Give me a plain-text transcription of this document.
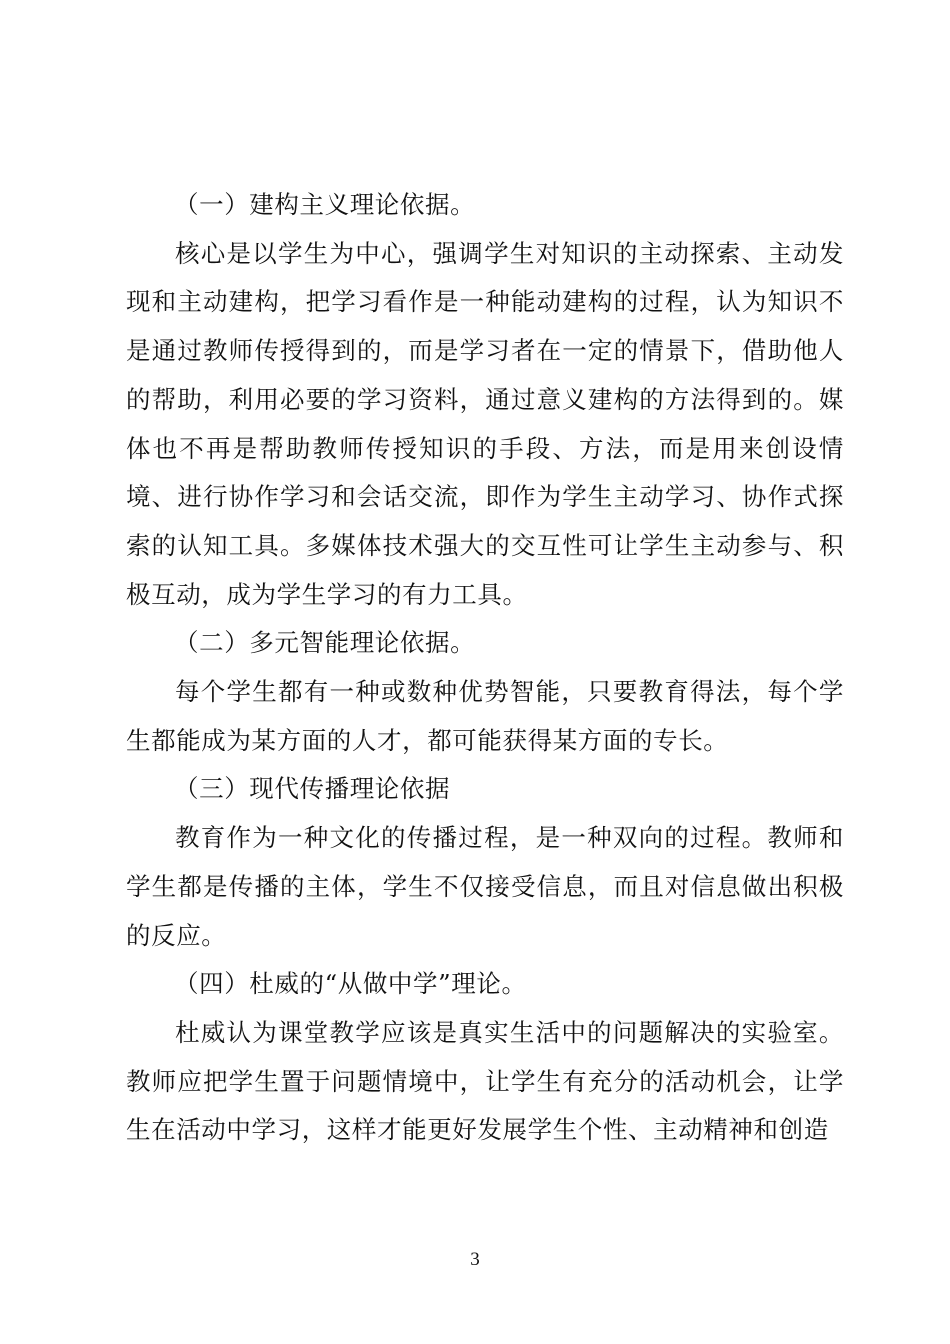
（一）建构主义理论依据。

核心是以学生为中心，强调学生对知识的主动探索、主动发现和主动建构，把学习看作是一种能动建构的过程，认为知识不是通过教师传授得到的，而是学习者在一定的情景下，借助他人的帮助，利用必要的学习资料，通过意义建构的方法得到的。媒体也不再是帮助教师传授知识的手段、方法，而是用来创设情境、进行协作学习和会话交流，即作为学生主动学习、协作式探索的认知工具。多媒体技术强大的交互性可让学生主动参与、积极互动，成为学生学习的有力工具。

（二）多元智能理论依据。

每个学生都有一种或数种优势智能，只要教育得法，每个学生都能成为某方面的人才，都可能获得某方面的专长。

（三）现代传播理论依据

教育作为一种文化的传播过程，是一种双向的过程。教师和学生都是传播的主体，学生不仅接受信息，而且对信息做出积极的反应。

（四）杜威的“从做中学”理论。

杜威认为课堂教学应该是真实生活中的问题解决的实验室。教师应把学生置于问题情境中，让学生有充分的活动机会，让学生在活动中学习，这样才能更好发展学生个性、主动精神和创造

3
